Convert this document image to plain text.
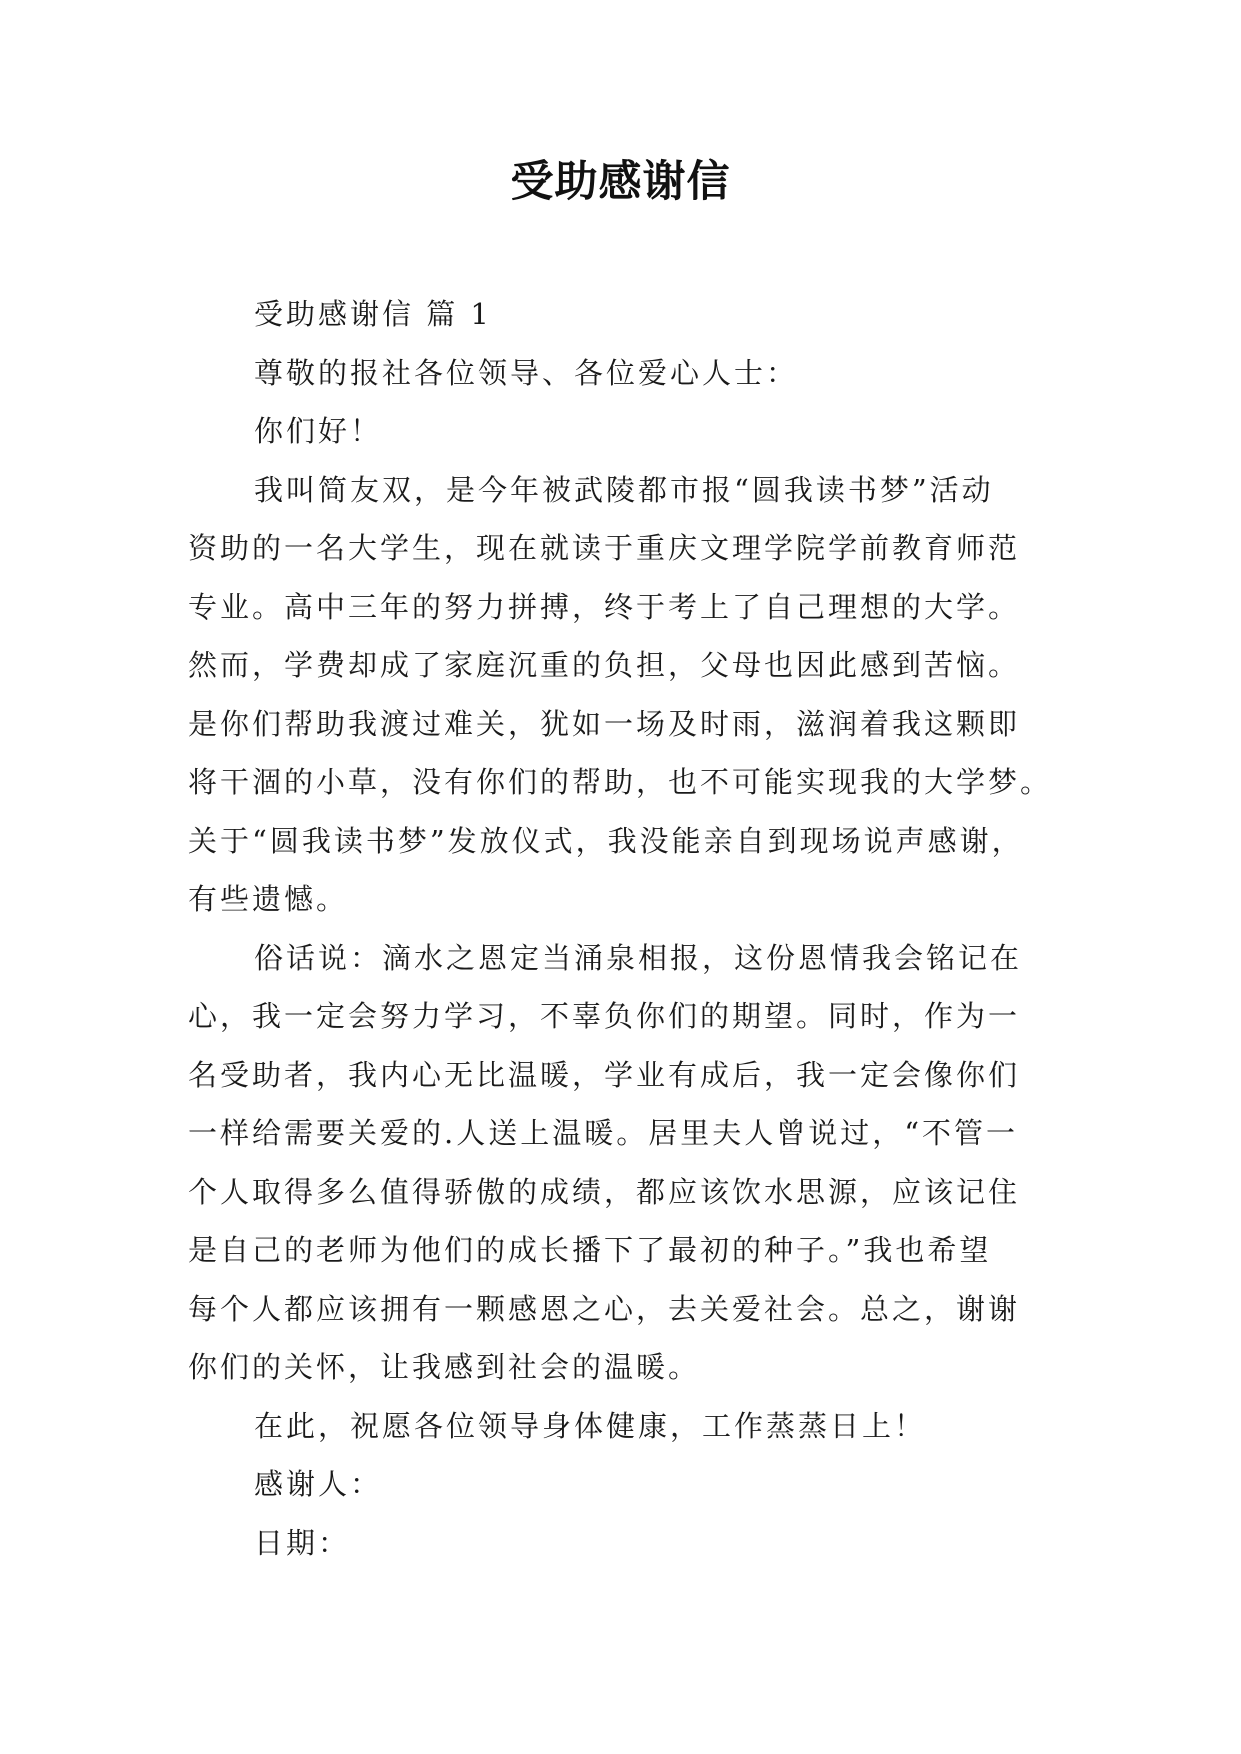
受助感谢信
受助感谢信 篇 1
尊敬的报社各位领导、各位爱心人士：
你们好！
我叫简友双，是今年被武陵都市报“圆我读书梦”活动
资助的一名大学生，现在就读于重庆文理学院学前教育师范
专业。高中三年的努力拼搏，终于考上了自己理想的大学。
然而，学费却成了家庭沉重的负担，父母也因此感到苦恼。
是你们帮助我渡过难关，犹如一场及时雨，滋润着我这颗即
将干涸的小草，没有你们的帮助，也不可能实现我的大学梦。
关于“圆我读书梦”发放仪式，我没能亲自到现场说声感谢，
有些遗憾。
俗话说：滴水之恩定当涌泉相报，这份恩情我会铭记在
心，我一定会努力学习，不辜负你们的期望。同时，作为一
名受助者，我内心无比温暖，学业有成后，我一定会像你们
一样给需要关爱的.人送上温暖。居里夫人曾说过，“不管一
个人取得多么值得骄傲的成绩，都应该饮水思源，应该记住
是自己的老师为他们的成长播下了最初的种子。”我也希望
每个人都应该拥有一颗感恩之心，去关爱社会。总之，谢谢
你们的关怀，让我感到社会的温暖。
在此，祝愿各位领导身体健康，工作蒸蒸日上！
感谢人：
日期：
